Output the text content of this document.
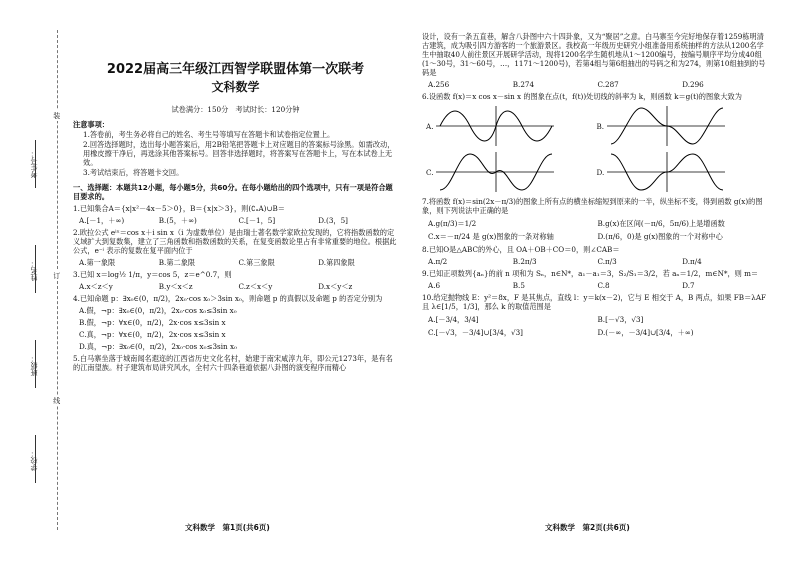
考生号：
姓名：
班级：
学校：
装
订
线
2022届高三年级江西智学联盟体第一次联考
文科数学
试卷满分：150分　考试时长：120分钟
注意事项：

1.答卷前，考生务必将自己的姓名、考生号等填写在答题卡和试卷指定位置上。

2.回答选择题时，选出每小题答案后，用2B铅笔把答题卡上对应题目的答案标号涂黑。如需改动，用橡皮擦干净后，再选涂其他答案标号。回答非选择题时，将答案写在答题卡上，写在本试卷上无效。

3.考试结束后，将答题卡交回。

一、选择题：本题共12小题，每小题5分，共60分。在每小题给出的四个选项中，只有一项是符合题目要求的。
1.已知集合A＝{x|x²－4x－5＞0}，B＝{x|x＞3}，则(∁ₐA)∪B＝
A.[－1，＋∞)	B.(5，＋∞)	C.[－1，5]	D.(3，5]
2.欧拉公式 eⁱˣ＝cos x＋i sin x（i 为虚数单位）是由瑞士著名数学家欧拉发现的，它将指数函数的定义域扩大到复数集，建立了三角函数和指数函数的关系，在复变函数论里占有非常重要的地位。根据此公式，e⁻ⁱ 表示的复数在复平面内位于
A.第一象限	B.第二象限	C.第三象限	D.第四象限
3.已知 x＝log½ 1/π，y＝cos 5，z＝e^0.7，则
A.x＜z＜y	B.y＜x＜z	C.z＜x＜y	D.x＜y＜z
4.已知命题 p：∃x₀∈(0，π/2)，2x₀·cos x₀＞3sin x₀，则命题 p 的真假以及命题 p 的否定分别为
A.假，¬p：∃x₀∈(0，π/2)，2x₀·cos x₀≤3sin x₀
B.假，¬p：∀x∈(0，π/2)，2x·cos x≤3sin x
C.真，¬p：∀x∈(0，π/2)，2x·cos x≤3sin x
D.真，¬p：∃x₀∈(0，π/2)，2x₀·cos x₀≤3sin x₀
5.白马寨坐落于城南闻名遐迩的江西省历史文化名村，始建于南宋咸淳九年，即公元1273年，是有名的江南望族。村子建筑布局讲究风水，全村六十四条巷道依据八卦图的演变程序而精心
设计，设有一条五直巷，解含八卦图中六十四卦象，又为“聚居”之意。白马寨至今完好地保存着1259栋明清古建筑，成为吸引四方游客的一个旅游景区。我校高一年级历史研究小组准备用系统抽样的方法从1200名学生中抽取40人前往景区开展研学活动，现将1200名学生随机地从1～1200编号，按编号顺序平均分成40组(1～30号，31～60号，…，1171～1200号)，若第4组与第6组抽出的号码之和为274，则第10组抽到的号码是
A.256	B.274	C.287	D.296
6.设函数 f(x)＝x cos x－sin x 的图象在点(t，f(t))处切线的斜率为 k，则函数 k＝g(t)的图象大致为
A.	B.
C.	D.
7.将函数 f(x)＝sin(2x－π/3)的图象上所有点的横坐标缩短到原来的一半，纵坐标不变，得到函数 g(x)的图象，则下列说法中正确的是
A.g(π/3)＝1/2	B.g(x)在区间(－π/6，5π/6)上是增函数
C.x＝－π/24 是 g(x)图象的一条对称轴	D.(π/6，0)是 g(x)图象的一个对称中心
8.已知O是△ABC的外心，且 OA＋OB＋CO＝0，则∠CAB＝
A.π/2	B.2π/3	C.π/3	D.π/4
9.已知正项数列{aₙ}的前 n 项和为 Sₙ，n∈N*，a₁－a₁＝3，S₂/S₁＝3/2，若 aₙ＝1/2，m∈N*，则 m＝
A.6	B.5	C.8	D.7
10.给定抛物线 E：y²＝8x，F 是其焦点，直线 l：y＝k(x－2)，它与 E 相交于 A，B 两点，如果 FB＝λAF 且 λ∈[1/5，1/3]，那么 k 的取值范围是
A.[－3/4，3/4]	B.[－√3，√3]
C.[－√3，－3/4]∪[3/4，√3]	D.(－∞，－3/4]∪[3/4，＋∞)
文科数学　第1页(共6页)	文科数学　第2页(共6页)
